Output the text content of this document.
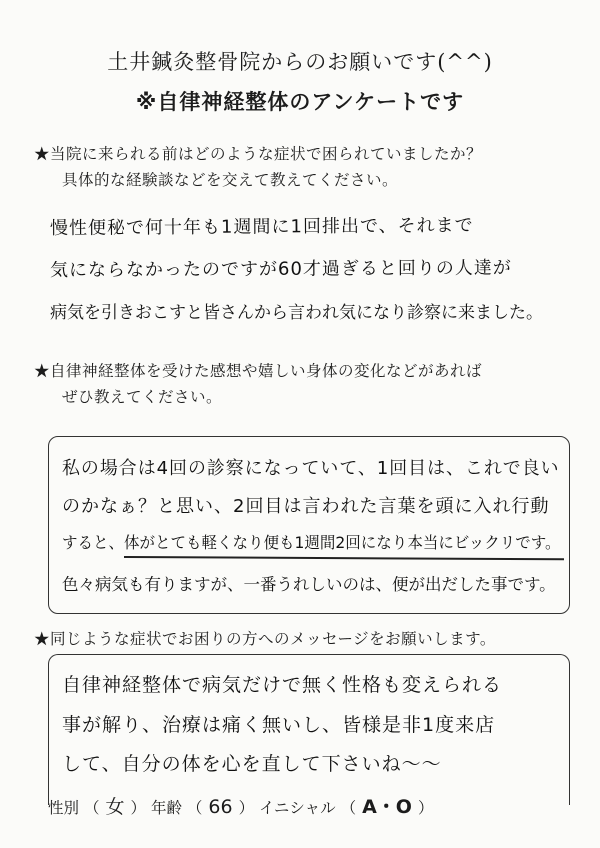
土井鍼灸整骨院からのお願いです(^^)
※自律神経整体のアンケートです
★当院に来られる前はどのような症状で困られていましたか？
具体的な経験談などを交えて教えてください。
慢性便秘で何十年も1週間に1回排出で、それまで
気にならなかったのですが60才過ぎると回りの人達が
病気を引きおこすと皆さんから言われ気になり診察に来ました。
★自律神経整体を受けた感想や嬉しい身体の変化などがあれば
ぜひ教えてください。
私の場合は4回の診察になっていて、1回目は、これで良い
のかなぁ？と思い、2回目は言われた言葉を頭に入れ行動
すると、体がとても軽くなり便も1週間2回になり本当にビックリです。
色々病気も有りますが、一番うれしいのは、便が出だした事です。
★同じような症状でお困りの方へのメッセージをお願いします。
自律神経整体で病気だけで無く性格も変えられる
事が解り、治療は痛く無いし、皆様是非1度来店
して、自分の体を心を直して下さいね〜〜
性別 （ 女 ） 年齢 （ 66 ） イニシャル （ A・O ）
